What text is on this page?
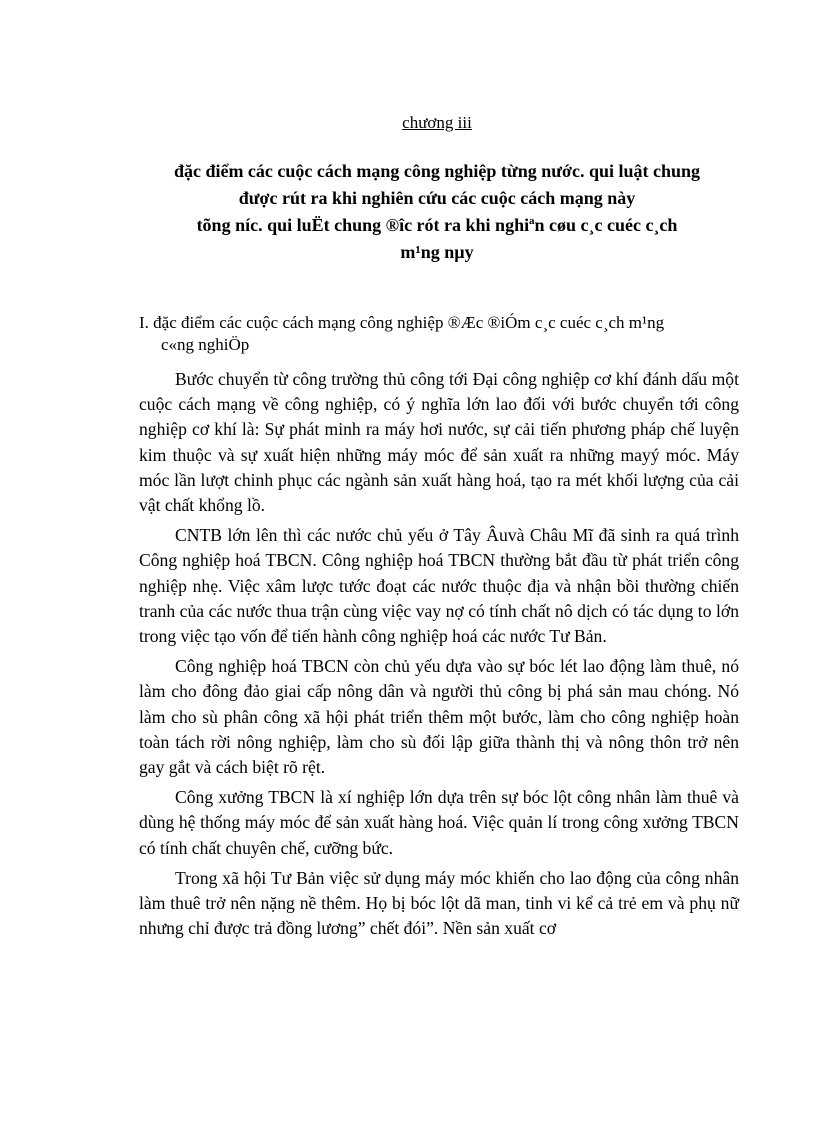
chương iii
đặc điểm các cuộc cách mạng công nghiệp từng nước. qui luật chung
được rút ra khi nghiên cứu các cuộc cách mạng này
tõng níc. qui luËt chung ®îc rót ra khi nghiªn cøu c¸c cuéc c¸ch
m¹ng nµy
I. đặc điểm các cuộc cách mạng công nghiệp ®Æc ®iÓm c¸c cuéc c¸ch m¹ng
c«ng nghiÖp

Bước chuyển từ công trường thủ công tới Đại công nghiệp cơ khí đánh dấu một cuộc cách mạng về công nghiệp, có ý nghĩa lớn lao đối với bước chuyển tới công nghiệp cơ khí là: Sự phát minh ra máy hơi nước, sự cải tiến phương pháp chế luyện kim thuộc và sự xuất hiện những máy móc để sản xuất ra những mayý móc. Máy móc lần lượt chinh phục các ngành sản xuất hàng hoá, tạo ra mét khối lượng của cải vật chất khổng lồ.

CNTB lớn lên thì các nước chủ yếu ở Tây Âuvà Châu Mĩ đã sinh ra quá trình Công nghiệp hoá TBCN. Công nghiệp hoá TBCN thường bắt đầu từ phát triển công nghiệp nhẹ. Việc xâm lược tước đoạt các nước thuộc địa và nhận bồi thường chiến tranh của các nước thua trận cùng việc vay nợ có tính chất nô dịch có tác dụng to lớn trong việc tạo vốn để tiến hành công nghiệp hoá các nước Tư Bản.

Công nghiệp hoá TBCN còn chủ yếu dựa vào sự bóc lét lao động làm thuê, nó làm cho đông đảo giai cấp nông dân và người thủ công bị phá sản mau chóng. Nó làm cho sù phân công xã hội phát triển thêm một bước, làm cho công nghiệp hoàn toàn tách rời nông nghiệp, làm cho sù đối lập giữa thành thị và nông thôn trở nên gay gắt và cách biệt rõ rệt.

Công xưởng TBCN là xí nghiệp lớn dựa trên sự bóc lột công nhân làm thuê và dùng hệ thống máy móc để sản xuất hàng hoá. Việc quản lí trong công xưởng TBCN có tính chất chuyên chế, cưỡng bức.

Trong xã hội Tư Bản việc sử dụng máy móc khiến cho lao động của công nhân làm thuê trở nên nặng nề thêm. Họ bị bóc lột dã man, tinh vi kể cả trẻ em và phụ nữ nhưng chỉ được trả đồng lương” chết đói”. Nền sản xuất cơ
